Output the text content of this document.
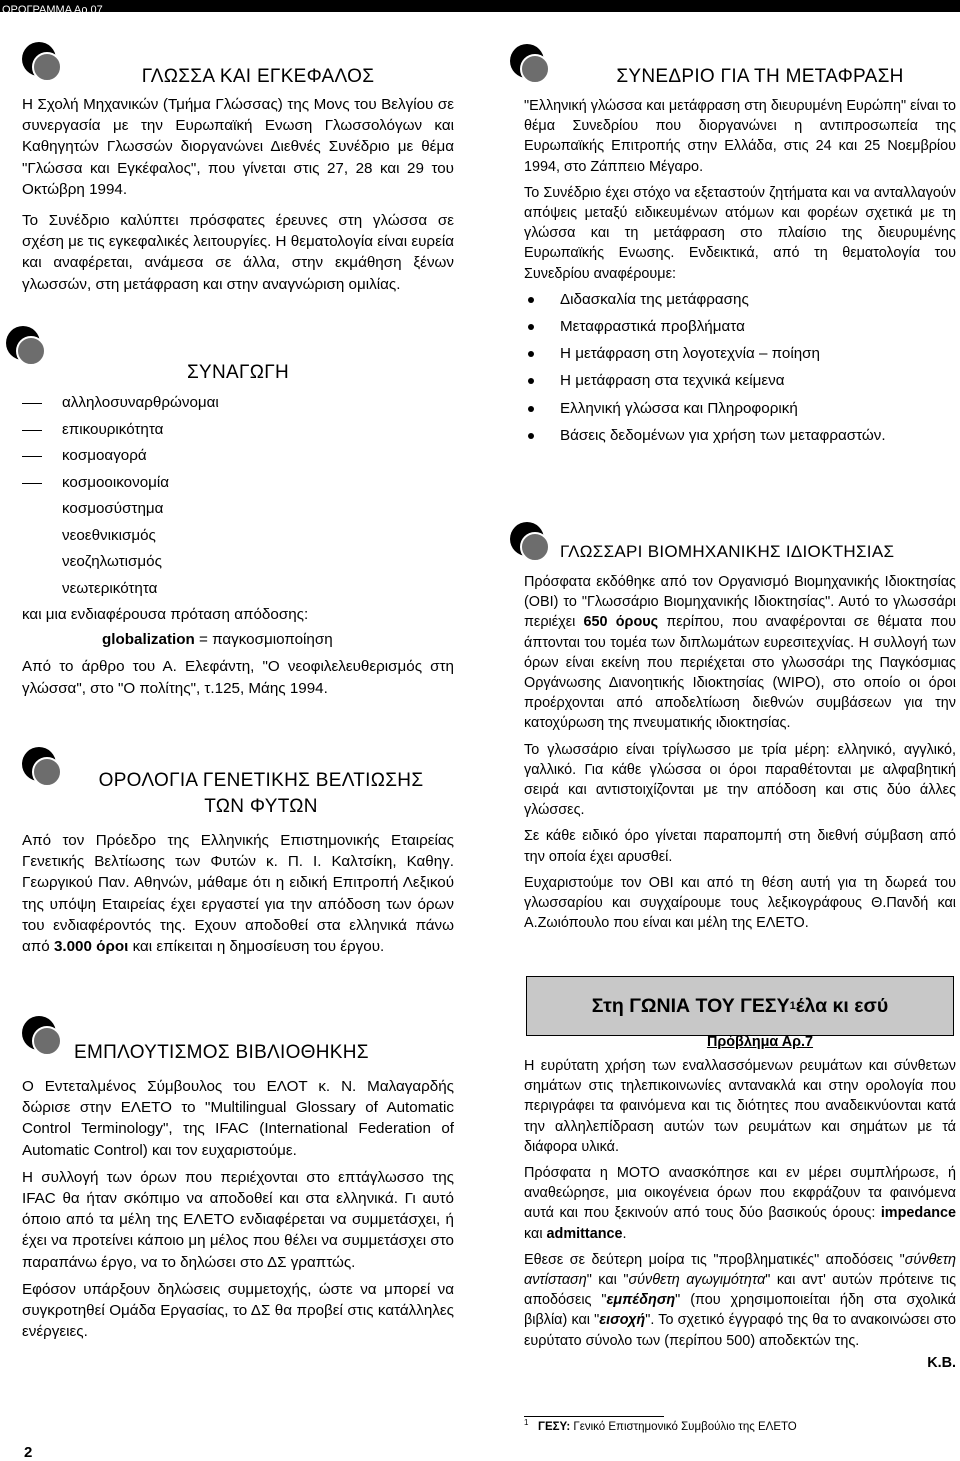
ΟΡΟΓΡΑΜΜΑ Αρ.07
ΓΛΩΣΣΑ ΚΑΙ ΕΓΚΕΦΑΛΟΣ

Η Σχολή Μηχανικών (Τμήμα Γλώσσας) της Μονς του Βελγίου σε συνεργασία με την Ευρωπαϊκή Ενωση Γλωσσολόγων και Καθηγητών Γλωσσών διοργανώνει Διεθνές Συνέδριο με θέμα "Γλώσσα και Εγκέφαλος", που γίνεται στις 27, 28 και 29 του Οκτώβρη 1994.

Το Συνέδριο καλύπτει πρόσφατες έρευνες στη γλώσσα σε σχέση με τις εγκεφαλικές λειτουργίες. Η θεματολογία είναι ευρεία και αναφέρεται, ανάμεσα σε άλλα, στην εκμάθηση ξένων γλωσσών, στη μετάφραση και στην αναγνώριση ομιλίας.

ΣΥΝΑΓΩΓΗ
αλληλοσυναρθρώνομαι
επικουρικότητα
κοσμοαγορά
κοσμοοικονομία
κοσμοσύστημα
νεοεθνικισμός
νεοζηλωτισμός
νεωτερικότητα

και μια ενδιαφέρουσα πρόταση απόδοσης:

globalization = παγκοσμιοποίηση

Από το άρθρο του Α. Ελεφάντη, "Ο νεοφιλελευθερισμός στη γλώσσα", στο "Ο πολίτης", τ.125, Μάης 1994.

ΟΡΟΛΟΓΙΑ ΓΕΝΕΤΙΚΗΣ ΒΕΛΤΙΩΣΗΣ
ΤΩΝ ΦΥΤΩΝ

Από τον Πρόεδρο της Ελληνικής Επιστημονικής Εταιρείας Γενετικής Βελτίωσης των Φυτών κ. Π. Ι. Καλτσίκη, Καθηγ. Γεωργικού Παν. Αθηνών, μάθαμε ότι η ειδική Επιτροπή Λεξικού της υπόψη Εταιρείας έχει εργαστεί για την απόδοση των όρων του ενδιαφέροντός της. Εχουν αποδοθεί στα ελληνικά πάνω από 3.000 όροι και επίκειται η δημοσίευση του έργου.

ΕΜΠΛΟΥΤΙΣΜΟΣ ΒΙΒΛΙΟΘΗΚΗΣ

Ο Εντεταλμένος Σύμβουλος του ΕΛΟΤ κ. Ν. Μαλαγαρδής δώρισε στην ΕΛΕΤΟ το "Multilingual Glossary of Automatic Control Terminology", της IFAC (International Federation of Automatic Control) και τον ευχαριστούμε.

Η συλλογή των όρων που περιέχονται στο επτάγλωσσο της IFAC θα ήταν σκόπιμο να αποδοθεί και στα ελληνικά. Γι αυτό όποιο από τα μέλη της ΕΛΕΤΟ ενδιαφέρεται να συμμετάσχει, ή έχει να προτείνει κάποιο μη μέλος που θέλει να συμμετάσχει στο παραπάνω έργο, να το δηλώσει στο ΔΣ γραπτώς.

Εφόσον υπάρξουν δηλώσεις συμμετοχής, ώστε να μπορεί να συγκροτηθεί Ομάδα Εργασίας, το ΔΣ θα προβεί στις κατάλληλες ενέργειες.

2
ΣΥΝΕΔΡΙΟ ΓΙΑ ΤΗ ΜΕΤΑΦΡΑΣΗ

"Ελληνική γλώσσα και μετάφραση στη διευρυμένη Ευρώπη" είναι το θέμα Συνεδρίου που διοργανώνει η αντιπροσωπεία της Ευρωπαϊκής Επιτροπής στην Ελλάδα, στις 24 και 25 Νοεμβρίου 1994, στο Ζάππειο Μέγαρο.

Το Συνέδριο έχει στόχο να εξεταστούν ζητήματα και να ανταλλαγούν απόψεις μεταξύ ειδικευμένων ατόμων και φορέων σχετικά με τη γλώσσα και τη μετάφραση στο πλαίσιο της διευρυμένης Ευρωπαϊκής Ενωσης. Ενδεικτικά, από τη θεματολογία του Συνεδρίου αναφέρουμε:

Διδασκαλία της μετάφρασης
Μεταφραστικά προβλήματα
Η μετάφραση στη λογοτεχνία – ποίηση
Η μετάφραση στα τεχνικά κείμενα
Ελληνική γλώσσα και Πληροφορική
Βάσεις δεδομένων για χρήση των μεταφραστών.
ΓΛΩΣΣΑΡΙ ΒΙΟΜΗΧΑΝΙΚΗΣ ΙΔΙΟΚΤΗΣΙΑΣ

Πρόσφατα εκδόθηκε από τον Οργανισμό Βιομηχανικής Ιδιοκτησίας (OBI) το "Γλωσσάριο Βιομηχανικής Ιδιοκτησίας". Αυτό το γλωσσάρι περιέχει 650 όρους περίπου, που αναφέρονται σε θέματα που άπτονται του τομέα των διπλωμάτων ευρεσιτεχνίας. Η συλλογή των όρων είναι εκείνη που περιέχεται στο γλωσσάρι της Παγκόσμιας Οργάνωσης Διανοητικής Ιδιοκτησίας (WIPO), στο οποίο οι όροι προέρχονται από αποδελτίωση διεθνών συμβάσεων για την κατοχύρωση της πνευματικής ιδιοκτησίας.

Το γλωσσάριο είναι τρίγλωσσο με τρία μέρη: ελληνικό, αγγλικό, γαλλικό. Για κάθε γλώσσα οι όροι παραθέτονται με αλφαβητική σειρά και αντιστοιχίζονται με την απόδοση και στις δύο άλλες γλώσσες.

Σε κάθε ειδικό όρο γίνεται παραπομπή στη διεθνή σύμβαση από την οποία έχει αρυσθεί.

Ευχαριστούμε τον OBI και από τη θέση αυτή για τη δωρεά του γλωσσαρίου και συγχαίρουμε τους λεξικογράφους Θ.Πανδή και Α.Ζωιόπουλο που είναι και μέλη της ΕΛΕΤΟ.

Στη ΓΩΝΙΑ ΤΟΥ ΓΕΣΥ 1 έλα κι εσύ
Πρόβλημα Αρ.7

Η ευρύτατη χρήση των εναλλασσόμενων ρευμάτων και σύνθετων σημάτων στις τηλεπικοινωνίες αντανακλά και στην ορολογία που περιγράφει τα φαινόμενα και τις διότητες που αναδεικνύονται κατά την αλληλεπίδραση αυτών των ρευμάτων και σημάτων με τά διάφορα υλικά.

Πρόσφατα η ΜΟΤΟ ανασκόπησε και εν μέρει συμπλήρωσε, ή αναθεώρησε, μια οικογένεια όρων που εκφράζουν τα φαινόμενα αυτά και που ξεκινούν από τους δύο βασικούς όρους: impedance και admittance.

Εθεσε σε δεύτερη μοίρα τις "προβληματικές" αποδόσεις "σύνθετη αντίσταση" και "σύνθετη αγωγιμότητα" και αντ' αυτών πρότεινε τις αποδόσεις "εμπέδηση" (που χρησιμοποιείται ήδη στα σχολικά βιβλία) και "εισοχή". Το σχετικό έγγραφό της θα το ανακοινώσει στο ευρύτατο σύνολο των (περίπου 500) αποδεκτών της.

Κ.Β.
$^1$ ΓΕΣΥ: Γενικό Επιστημονικό Συμβούλιο της ΕΛΕΤΟ
